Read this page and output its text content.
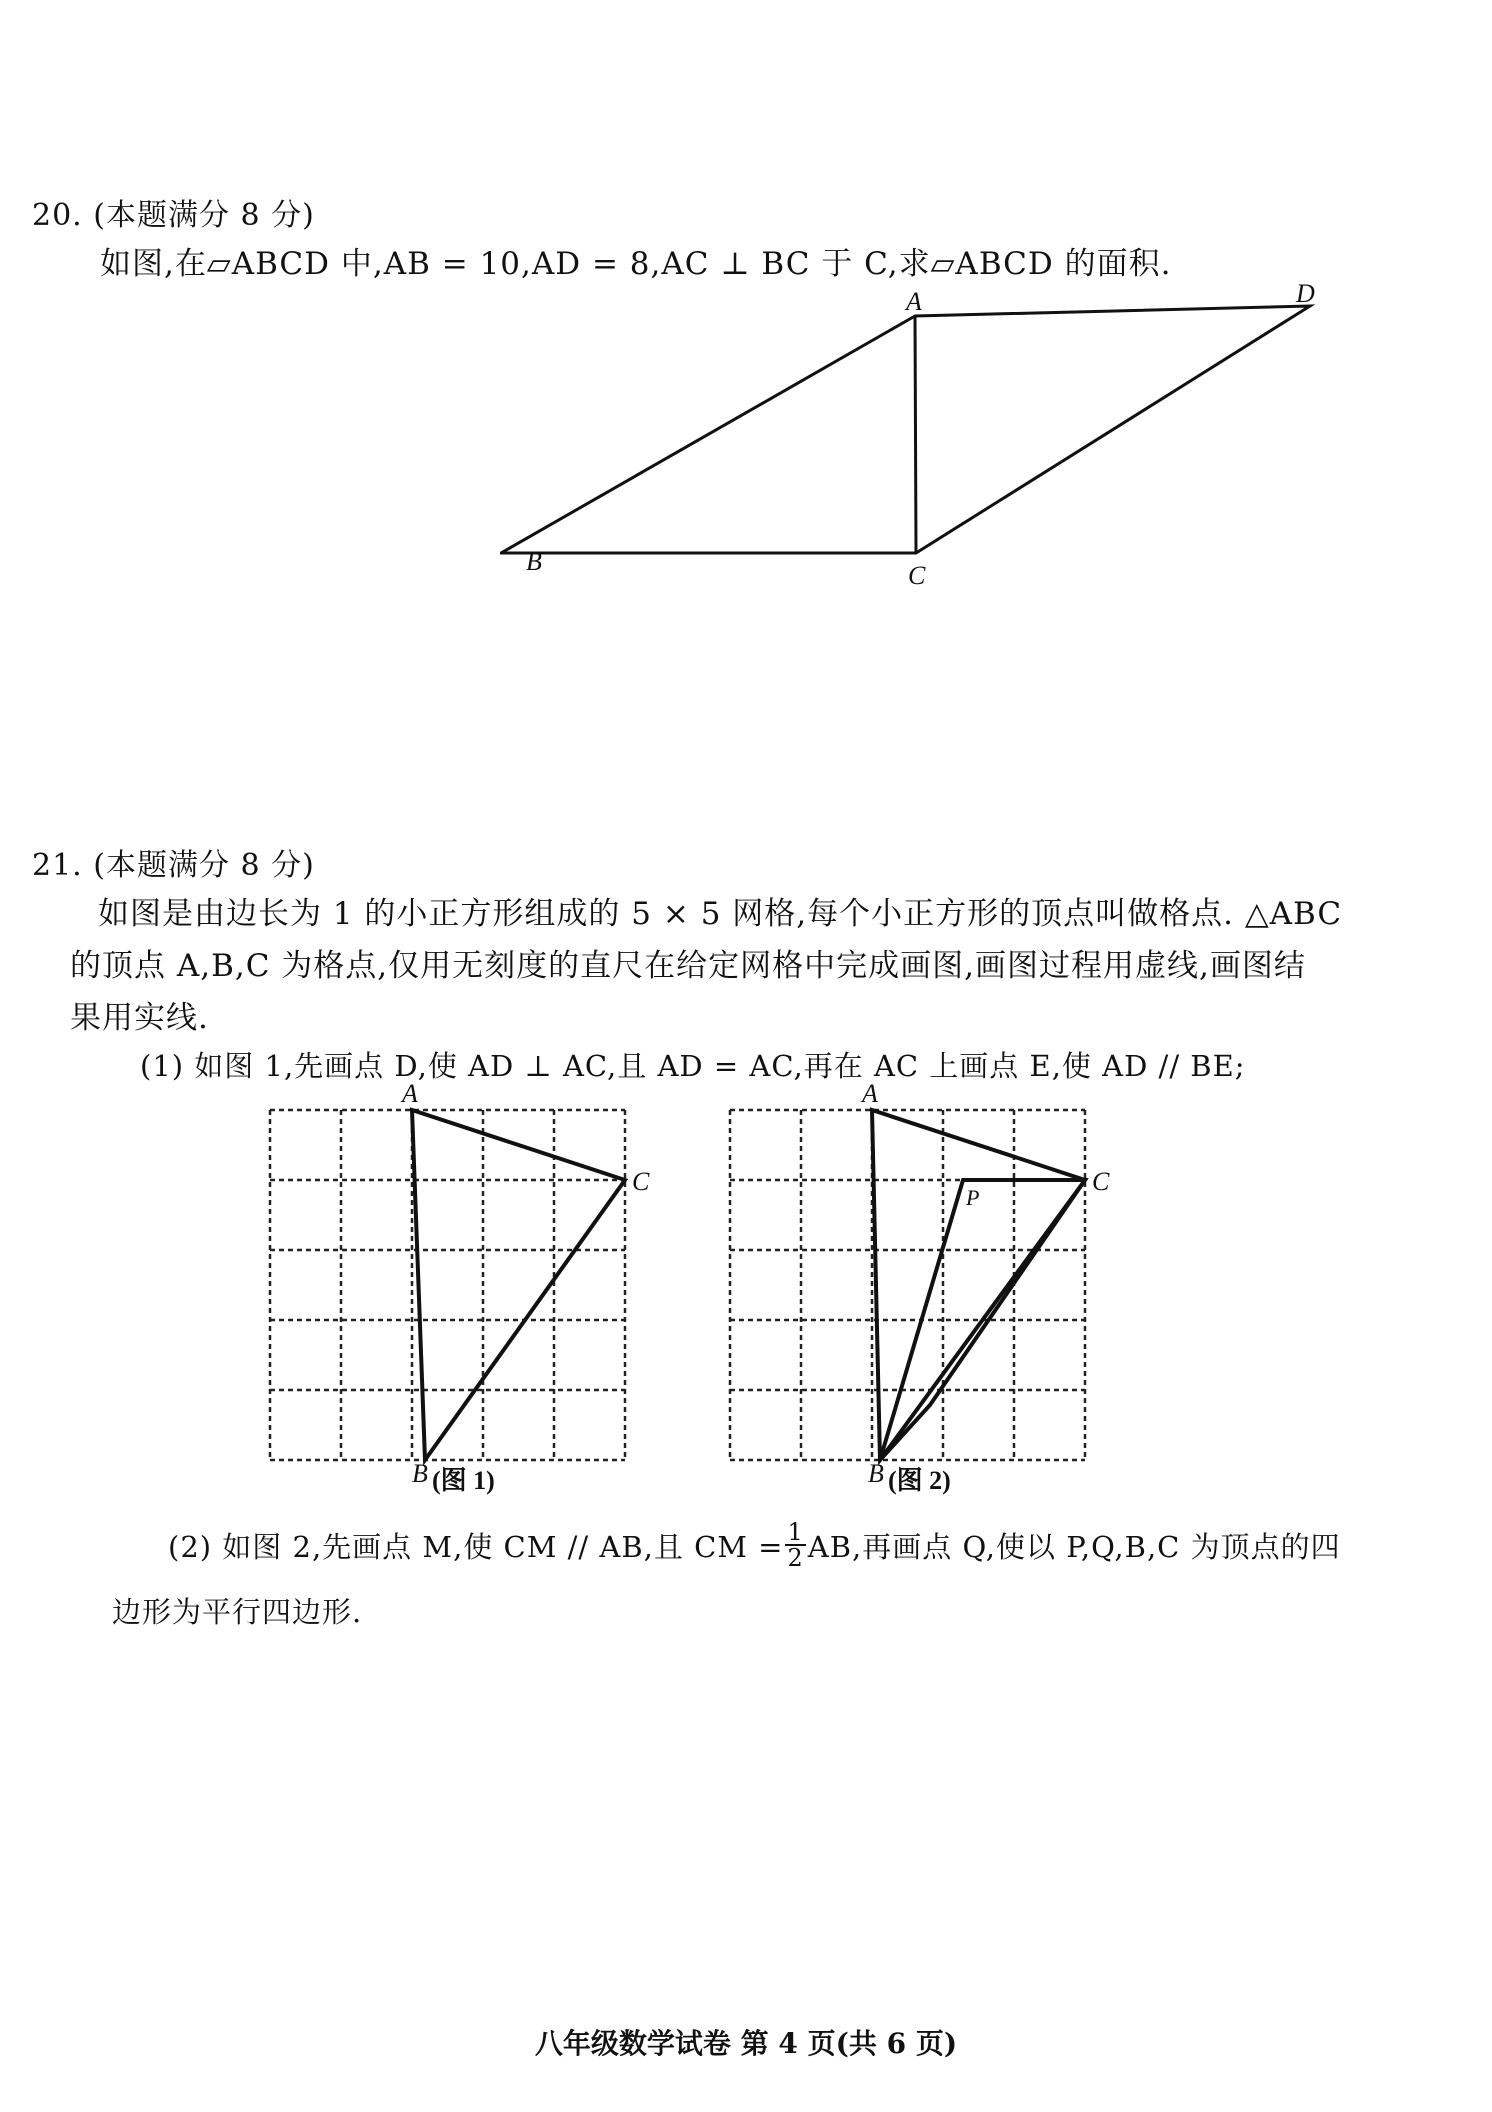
20. (本题满分 8 分)
如图,在▱ABCD 中,AB = 10,AD = 8,AC ⊥ BC 于 C,求▱ABCD 的面积.
A
B	C
D
21. (本题满分 8 分)
如图是由边长为 1 的小正方形组成的 5 × 5 网格,每个小正方形的顶点叫做格点. △ABC
的顶点 A,B,C 为格点,仅用无刻度的直尺在给定网格中完成画图,画图过程用虚线,画图结
果用实线.
(1) 如图 1,先画点 D,使 AD ⊥ AC,且 AD = AC,再在 AC 上画点 E,使 AD // BE;
A
C
B (图 1)
A
C
P
B (图 2)
(2) 如图 2,先画点 M,使 CM // AB,且 CM = $\frac{1}{2}$ AB,再画点 Q,使以 P,Q,B,C 为顶点的四
边形为平行四边形.
八年级数学试卷 第 4 页(共 6 页)
